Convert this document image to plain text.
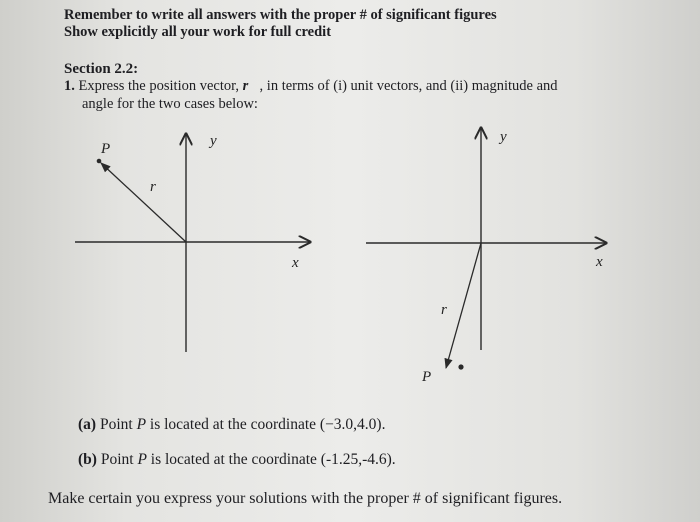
Remember to write all answers with the proper # of significant figures
Show explicitly all your work for full credit
Section 2.2:
1. Express the position vector, r⃗, in terms of (i) unit vectors, and (ii) magnitude and
angle for the two cases below:
P
r⃗
x
y
P
r⃗
x
y
(a) Point P is located at the coordinate (−3.0,4.0).
(b) Point P is located at the coordinate (-1.25,-4.6).
Make certain you express your solutions with the proper # of significant figures.
